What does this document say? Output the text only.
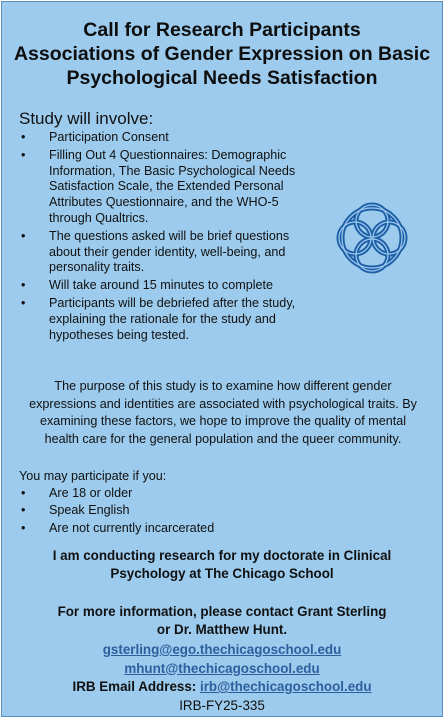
Call for Research Participants
Associations of Gender Expression on Basic
Psychological Needs Satisfaction
Study will involve:
• Participation Consent
• Filling Out 4 Questionnaires: Demographic Information, The Basic Psychological Needs Satisfaction Scale, the Extended Personal Attributes Questionnaire, and the WHO-5 through Qualtrics.
• The questions asked will be brief questions about their gender identity, well-being, and personality traits.
• Will take around 15 minutes to complete
• Participants will be debriefed after the study, explaining the rationale for the study and hypotheses being tested.
The purpose of this study is to examine how different gender expressions and identities are associated with psychological traits. By examining these factors, we hope to improve the quality of mental health care for the general population and the queer community.
You may participate if you:
• Are 18 or older
• Speak English
• Are not currently incarcerated
I am conducting research for my doctorate in Clinical
Psychology at The Chicago School
For more information, please contact Grant Sterling
or Dr. Matthew Hunt.
gsterling@ego.thechicagoschool.edu
mhunt@thechicagoschool.edu
IRB Email Address: irb@thechicagoschool.edu
IRB-FY25-335
